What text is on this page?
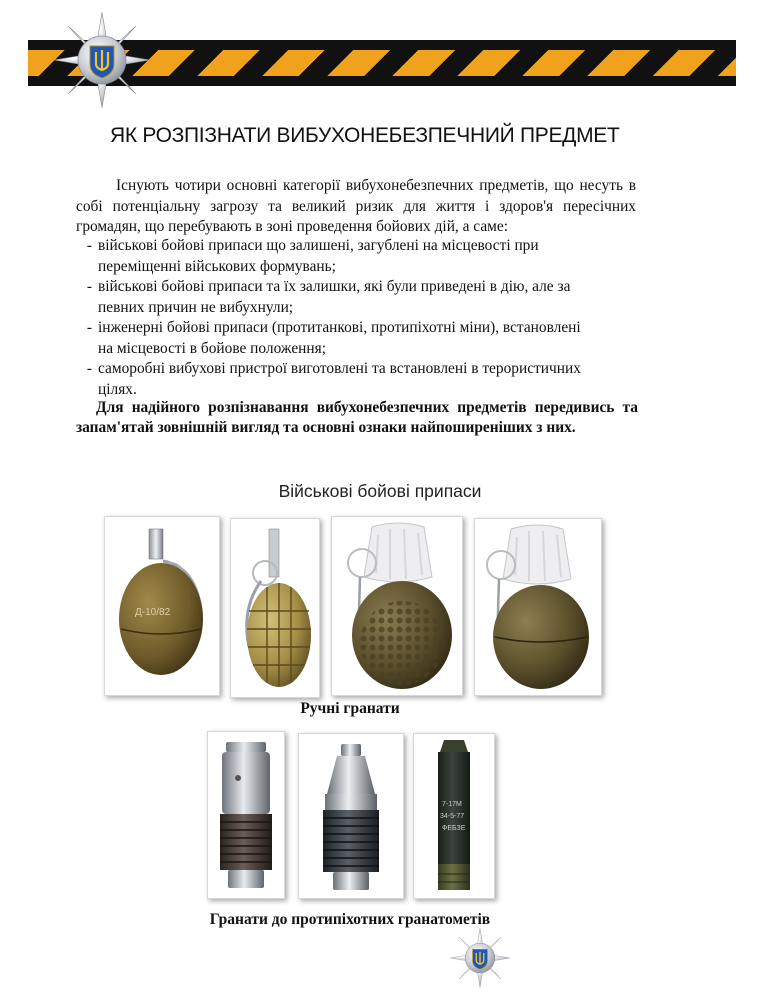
ЯК РОЗПІЗНАТИ ВИБУХОНЕБЕЗПЕЧНИЙ ПРЕДМЕТ

Існують чотири основні категорії вибухонебезпечних предметів, що несуть в собі потенціальну загрозу та великий ризик для життя і здоров'я пересічних громадян, що перебувають в зоні проведення бойових дій, а саме:

- військові бойові припаси що залишені, загублені на місцевості при
переміщенні військових формувань;
- військові бойові припаси та їх залишки, які були приведені в дію, але за
певних причин не вибухнули;
- інженерні бойові припаси (протитанкові, протипіхотні міни), встановлені
на місцевості в бойове положення;
- саморобні вибухові пристрої виготовлені та встановлені в терористичних
цілях.

Для надійного розпізнавання вибухонебезпечних предметів передивись та запам'ятай зовнішній вигляд та основні ознаки найпоширеніших з них.

Військові бойові припаси
Д-10/82
Ручні гранати
7-17М
34-5-77
ФЕБЗЕ
Гранати до протипіхотних гранатометів
